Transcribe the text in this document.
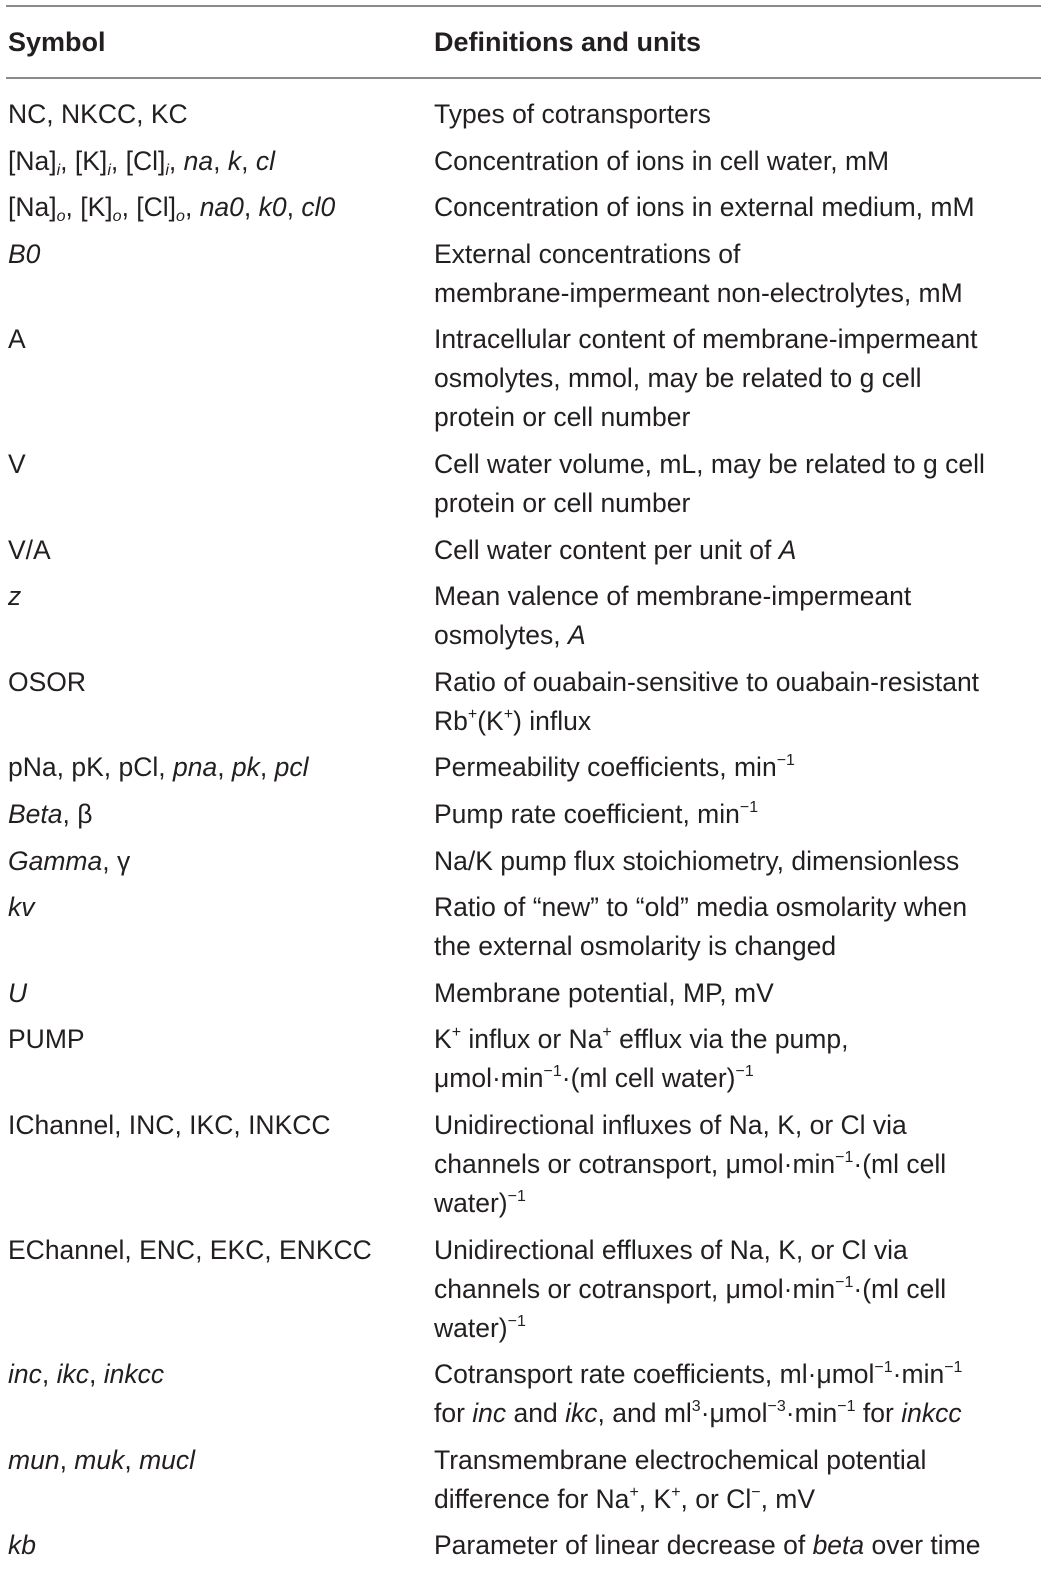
Symbol	Definitions and units
NC, NKCC, KC	Types of cotransporters
$[Na]_i$, $[K]_i$, $[Cl]_i$, na, k, cl	Concentration of ions in cell water, mM
$[Na]_o$, $[K]_o$, $[Cl]_o$, na0, k0, cl0	Concentration of ions in external medium, mM
B0	External concentrations of
membrane-impermeant non-electrolytes, mM
A	Intracellular content of membrane-impermeant
osmolytes, mmol, may be related to g cell
protein or cell number
V	Cell water volume, mL, may be related to g cell
protein or cell number
V/A	Cell water content per unit of A
z	Mean valence of membrane-impermeant
osmolytes, A
OSOR	Ratio of ouabain-sensitive to ouabain-resistant
Rb+(K+) influx
pNa, pK, pCl, pna, pk, pcl	Permeability coefficients, $\min^{-1}$
Beta, β	Pump rate coefficient, $\min^{-1}$
Gamma, γ	Na/K pump flux stoichiometry, dimensionless
kv	Ratio of “new” to “old” media osmolarity when
the external osmolarity is changed
U	Membrane potential, MP, mV
PUMP	K+ influx or Na+ efflux via the pump,
$\mu mol\cdot\min^{-1}\cdot(ml$ cell water)$^{-1}$
IChannel, INC, IKC, INKCC	Unidirectional influxes of Na, K, or Cl via
channels or cotransport, $\mu mol\cdot\min^{-1}\cdot(ml$ cell
water)$^{-1}$
EChannel, ENC, EKC, ENKCC	Unidirectional effluxes of Na, K, or Cl via
channels or cotransport, $\mu mol\cdot\min^{-1}\cdot(ml$ cell
water)$^{-1}$
inc, ikc, inkcc	Cotransport rate coefficients, $ml\cdot\mu mol^{-1}\cdot\min^{-1}$
for inc and ikc, and $ml^3\cdot\mu mol^{-3}\cdot\min^{-1}$ for inkcc
mun, muk, mucl	Transmembrane electrochemical potential
difference for Na+, K+, or Cl−, mV
kb	Parameter of linear decrease of beta over time
